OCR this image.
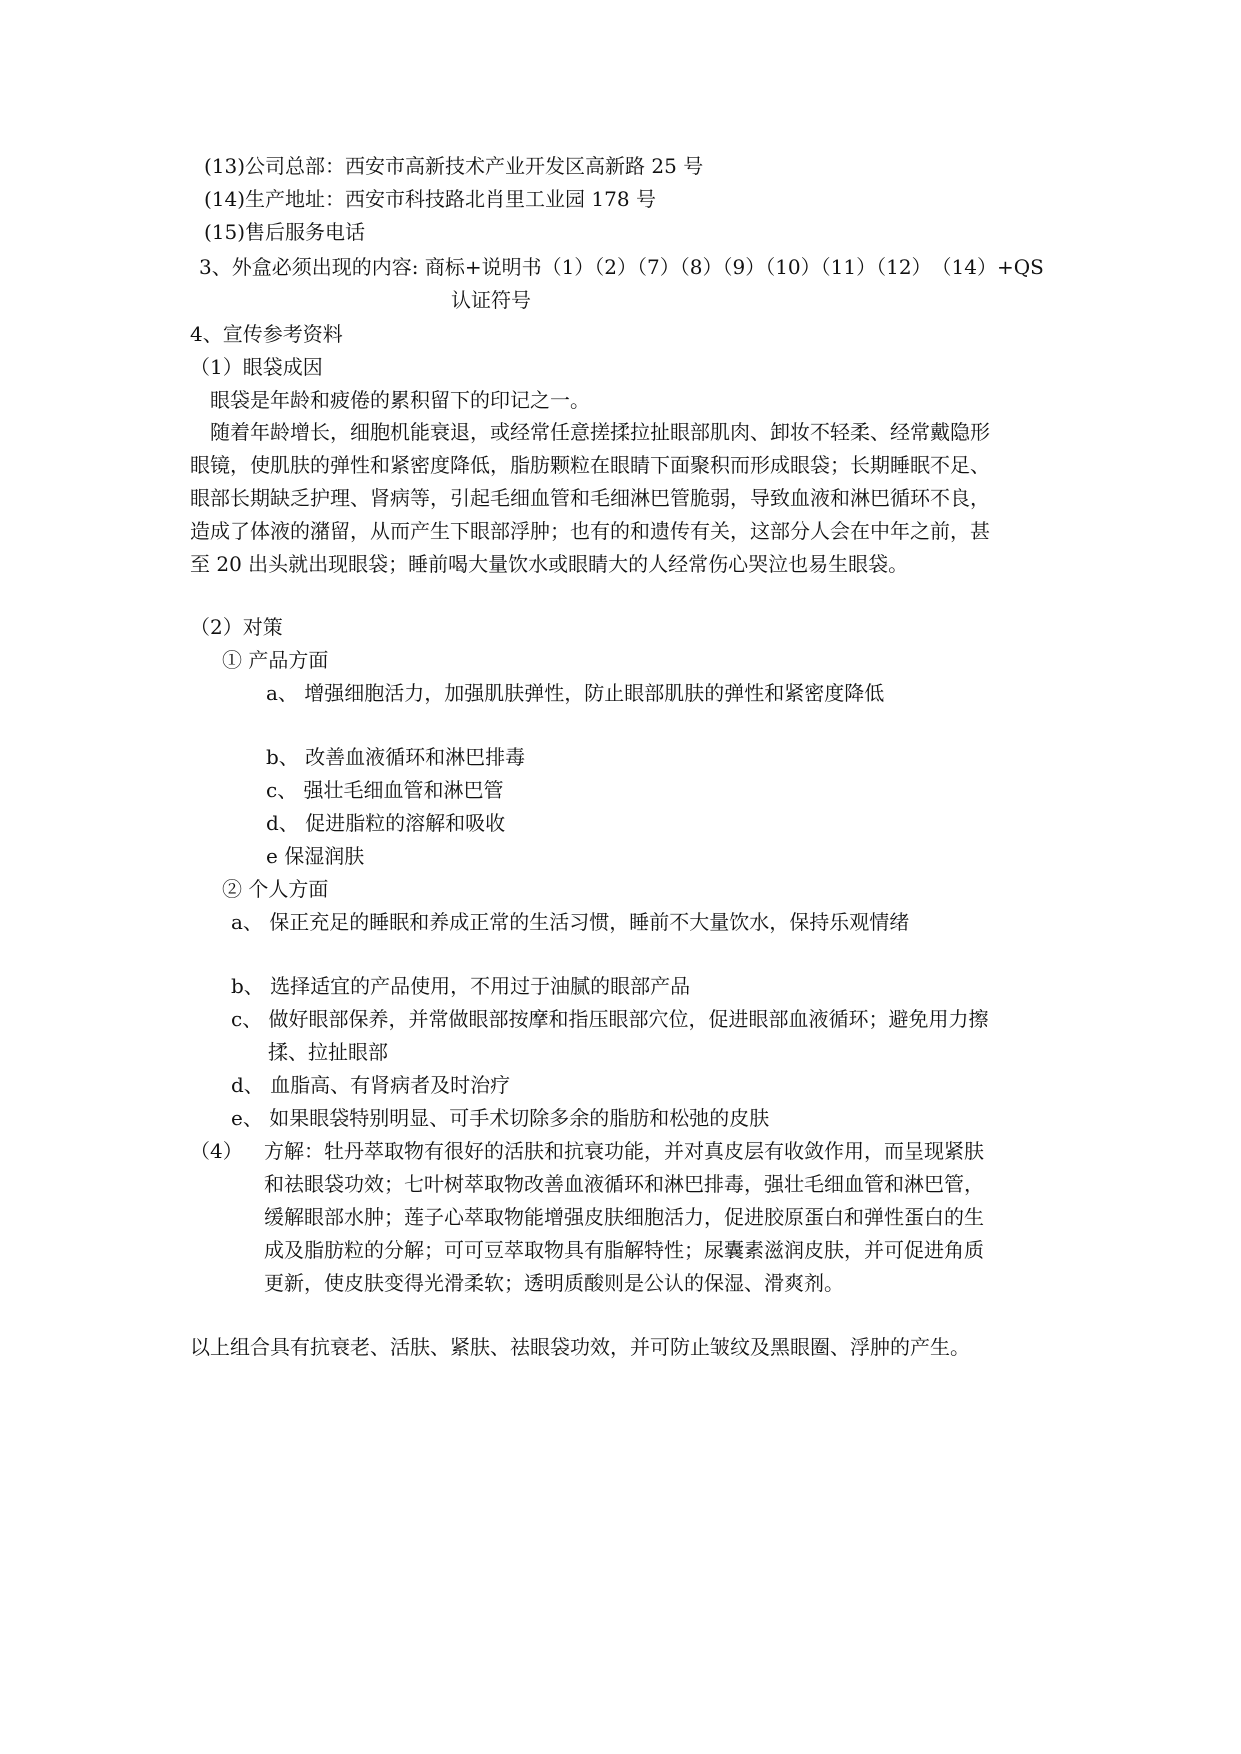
(13)公司总部：西安市高新技术产业开发区高新路 25 号
(14)生产地址：西安市科技路北肖里工业园 178 号
(15)售后服务电话
3、外盒必须出现的内容: 商标+说明书（1）（2）（7）（8）（9）（10）（11）（12）　（14）+QS
认证符号
4、宣传参考资料
（1）眼袋成因
眼袋是年龄和疲倦的累积留下的印记之一。
随着年龄增长，细胞机能衰退，或经常任意搓揉拉扯眼部肌肉、卸妆不轻柔、经常戴隐形
眼镜，使肌肤的弹性和紧密度降低，脂肪颗粒在眼睛下面聚积而形成眼袋；长期睡眠不足、
眼部长期缺乏护理、肾病等，引起毛细血管和毛细淋巴管脆弱，导致血液和淋巴循环不良，
造成了体液的潴留，从而产生下眼部浮肿；也有的和遗传有关，这部分人会在中年之前，甚
至 20 出头就出现眼袋；睡前喝大量饮水或眼睛大的人经常伤心哭泣也易生眼袋。
（2）对策
① 产品方面
a、 增强细胞活力，加强肌肤弹性，防止眼部肌肤的弹性和紧密度降低
b、 改善血液循环和淋巴排毒
c、 强壮毛细血管和淋巴管
d、 促进脂粒的溶解和吸收
e 保湿润肤
② 个人方面
a、 保正充足的睡眠和养成正常的生活习惯，睡前不大量饮水，保持乐观情绪
b、 选择适宜的产品使用，不用过于油腻的眼部产品
c、 做好眼部保养，并常做眼部按摩和指压眼部穴位，促进眼部血液循环；避免用力擦
揉、拉扯眼部
d、 血脂高、有肾病者及时治疗
e、 如果眼袋特别明显、可手术切除多余的脂肪和松弛的皮肤
（4） 方解：牡丹萃取物有很好的活肤和抗衰功能，并对真皮层有收敛作用，而呈现紧肤
和祛眼袋功效；七叶树萃取物改善血液循环和淋巴排毒，强壮毛细血管和淋巴管，
缓解眼部水肿；莲子心萃取物能增强皮肤细胞活力，促进胶原蛋白和弹性蛋白的生
成及脂肪粒的分解；可可豆萃取物具有脂解特性；尿囊素滋润皮肤，并可促进角质
更新，使皮肤变得光滑柔软；透明质酸则是公认的保湿、滑爽剂。
以上组合具有抗衰老、活肤、紧肤、祛眼袋功效，并可防止皱纹及黑眼圈、浮肿的产生。
